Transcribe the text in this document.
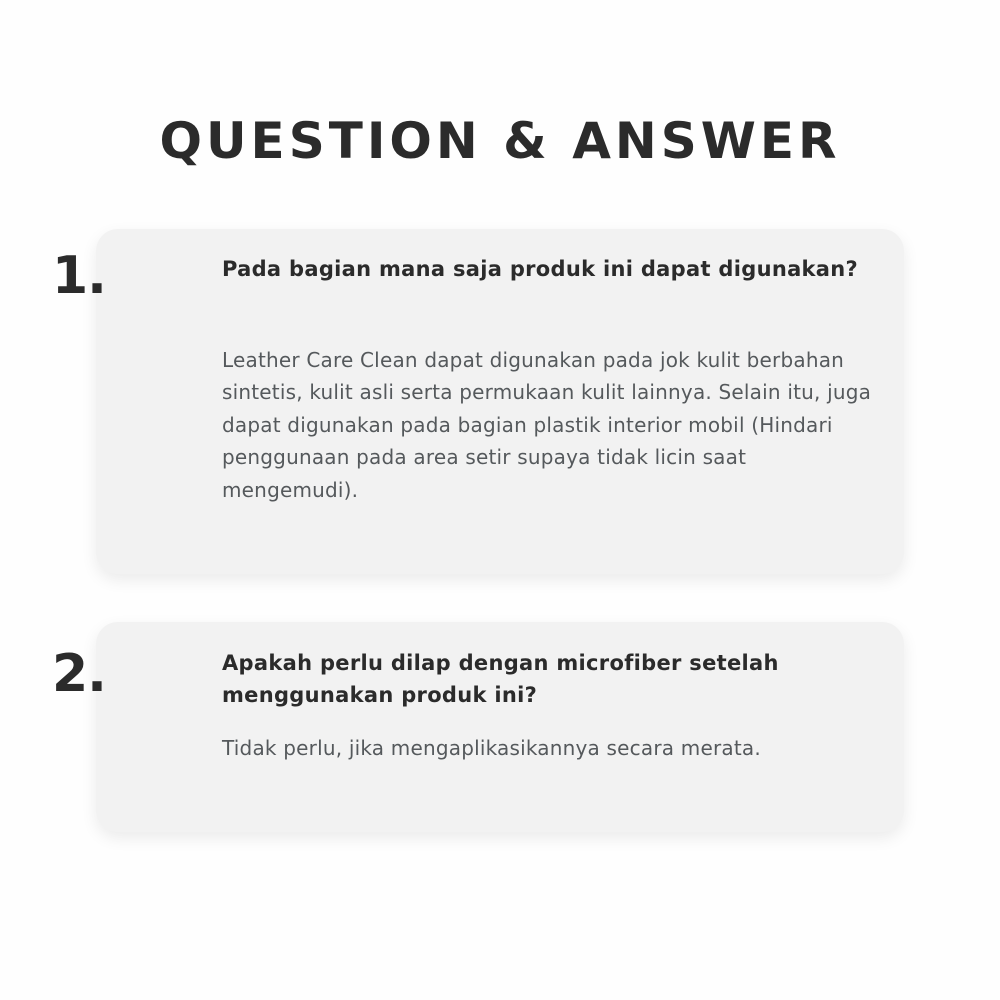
QUESTION & ANSWER
1.	Pada bagian mana saja produk ini dapat digunakan?
Leather Care Clean dapat digunakan pada jok kulit berbahan sintetis, kulit asli serta permukaan kulit lainnya. Selain itu, juga dapat digunakan pada bagian plastik interior mobil (Hindari penggunaan pada area setir supaya tidak licin saat mengemudi).
2.	Apakah perlu dilap dengan microfiber setelah menggunakan produk ini?
Tidak perlu, jika mengaplikasikannya secara merata.
